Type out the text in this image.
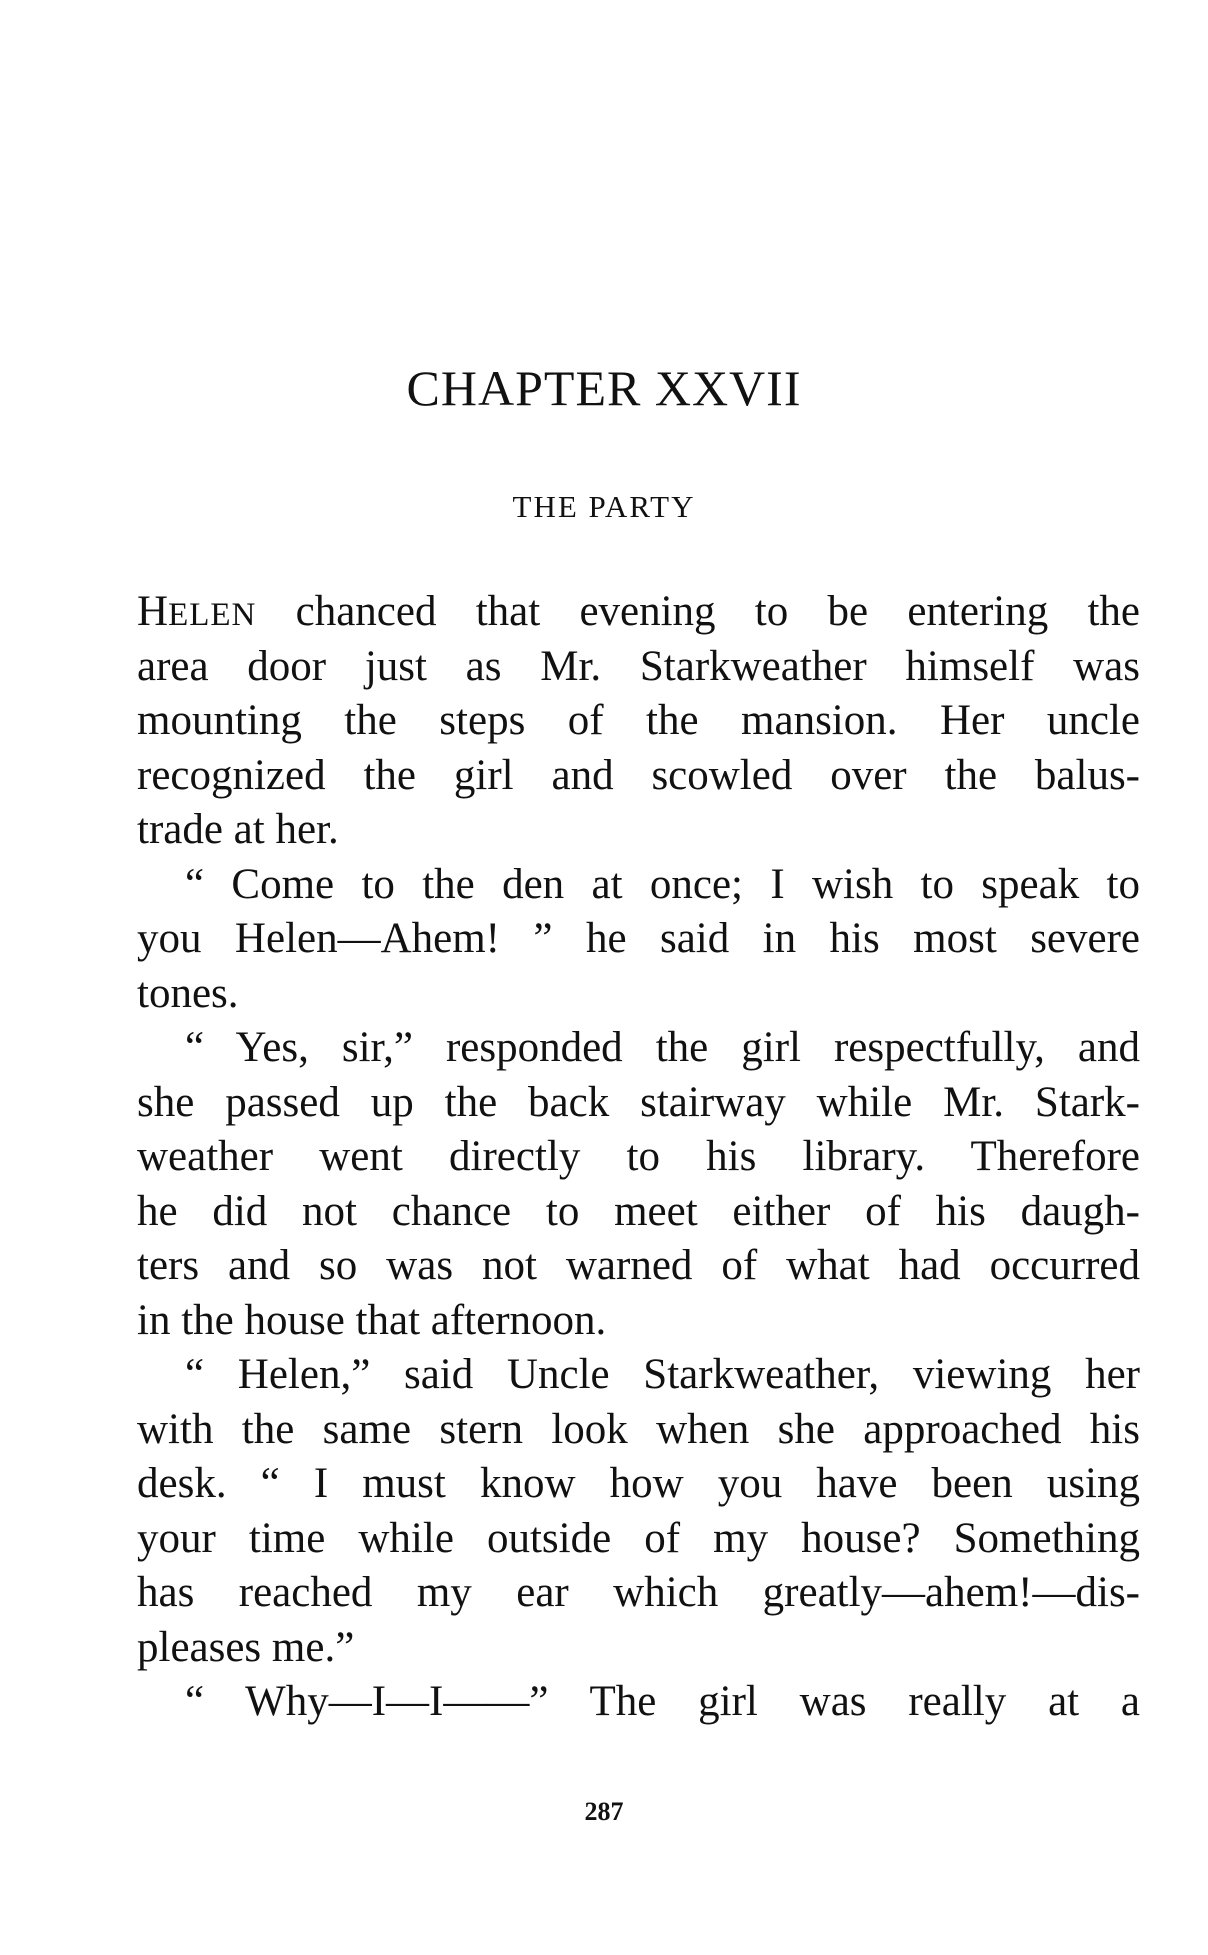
CHAPTER XXVII
THE PARTY
HELEN chanced that evening to be entering the
area door just as Mr. Starkweather himself was
mounting the steps of the mansion. Her uncle
recognized the girl and scowled over the balus-
trade at her.
“ Come to the den at once; I wish to speak to
you Helen—Ahem! ” he said in his most severe
tones.
“ Yes, sir,” responded the girl respectfully, and
she passed up the back stairway while Mr. Stark-
weather went directly to his library. Therefore
he did not chance to meet either of his daugh-
ters and so was not warned of what had occurred
in the house that afternoon.
“ Helen,” said Uncle Starkweather, viewing her
with the same stern look when she approached his
desk. “ I must know how you have been using
your time while outside of my house? Something
has reached my ear which greatly—ahem!—dis-
pleases me.”
“ Why—I—I——” The girl was really at a
287
